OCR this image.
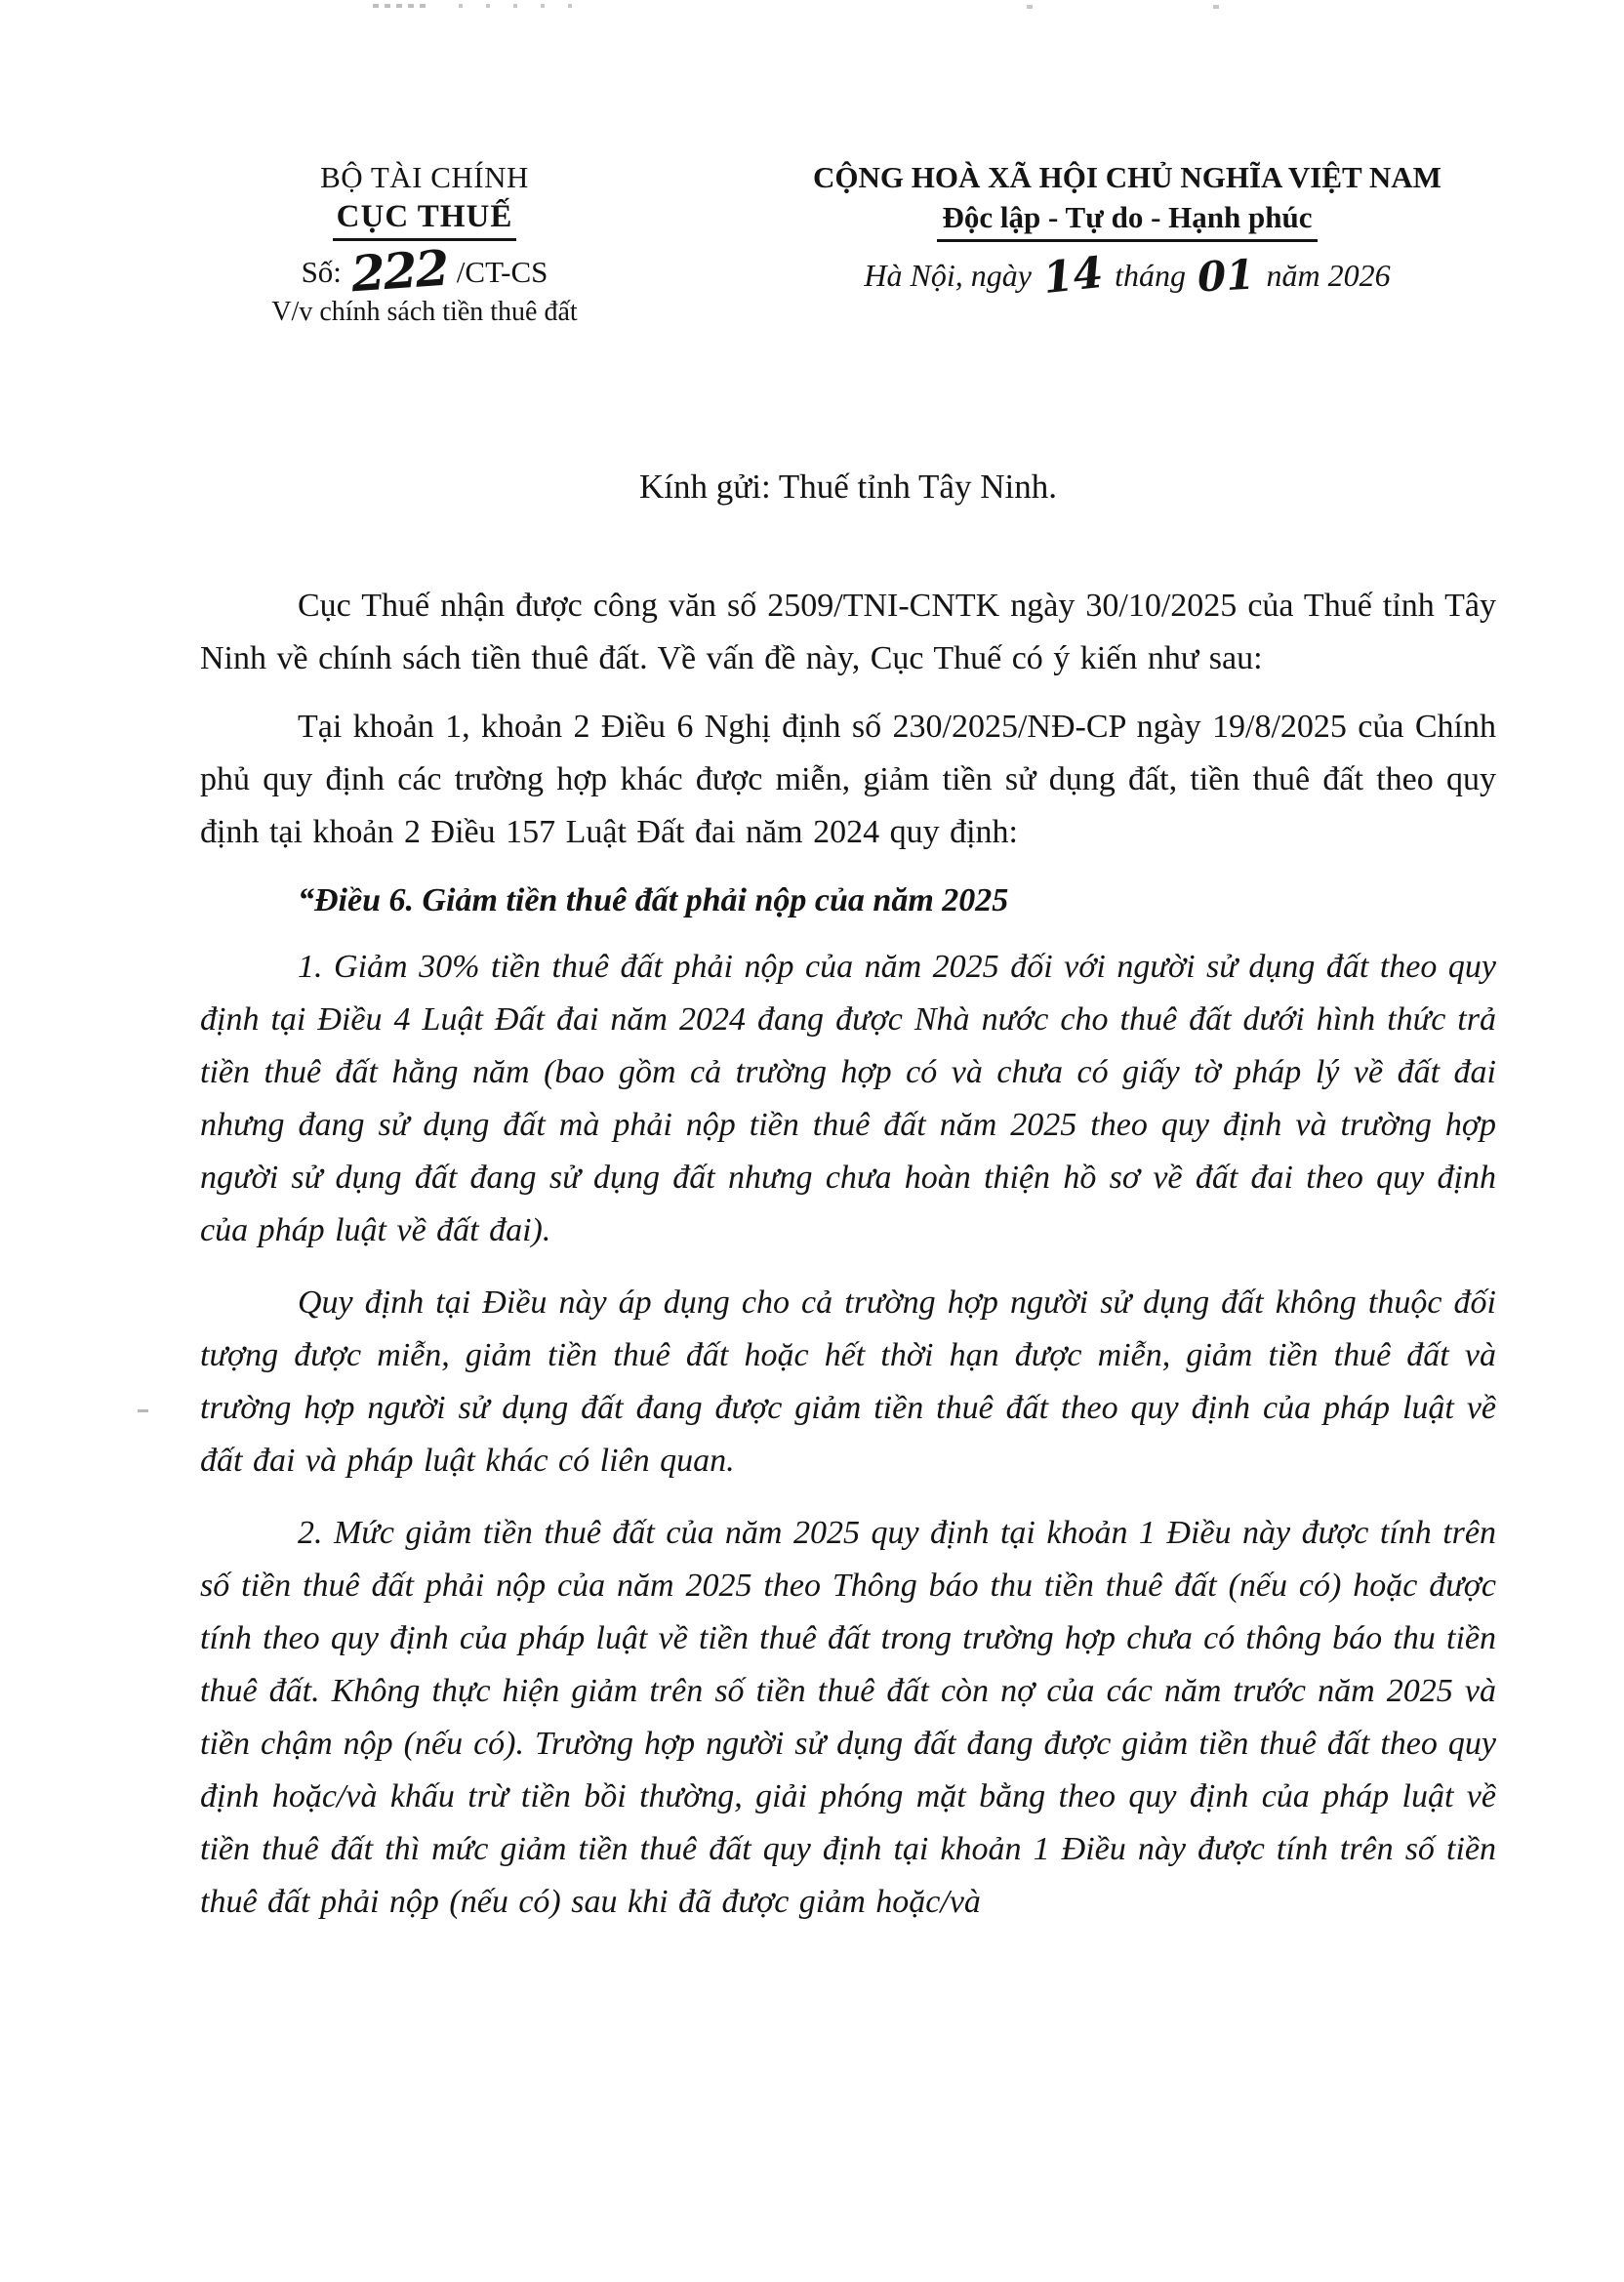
BỘ TÀI CHÍNH
CỤC THUẾ
Số: 222 /CT-CS
V/v chính sách tiền thuê đất
CỘNG HOÀ XÃ HỘI CHỦ NGHĨA VIỆT NAM
Độc lập - Tự do - Hạnh phúc
Hà Nội, ngày 14 tháng 01 năm 2026
Kính gửi: Thuế tỉnh Tây Ninh.

Cục Thuế nhận được công văn số 2509/TNI-CNTK ngày 30/10/2025 của Thuế tỉnh Tây Ninh về chính sách tiền thuê đất. Về vấn đề này, Cục Thuế có ý kiến như sau:

Tại khoản 1, khoản 2 Điều 6 Nghị định số 230/2025/NĐ-CP ngày 19/8/2025 của Chính phủ quy định các trường hợp khác được miễn, giảm tiền sử dụng đất, tiền thuê đất theo quy định tại khoản 2 Điều 157 Luật Đất đai năm 2024 quy định:

“Điều 6. Giảm tiền thuê đất phải nộp của năm 2025

1. Giảm 30% tiền thuê đất phải nộp của năm 2025 đối với người sử dụng đất theo quy định tại Điều 4 Luật Đất đai năm 2024 đang được Nhà nước cho thuê đất dưới hình thức trả tiền thuê đất hằng năm (bao gồm cả trường hợp có và chưa có giấy tờ pháp lý về đất đai nhưng đang sử dụng đất mà phải nộp tiền thuê đất năm 2025 theo quy định và trường hợp người sử dụng đất đang sử dụng đất nhưng chưa hoàn thiện hồ sơ về đất đai theo quy định của pháp luật về đất đai).

Quy định tại Điều này áp dụng cho cả trường hợp người sử dụng đất không thuộc đối tượng được miễn, giảm tiền thuê đất hoặc hết thời hạn được miễn, giảm tiền thuê đất và trường hợp người sử dụng đất đang được giảm tiền thuê đất theo quy định của pháp luật về đất đai và pháp luật khác có liên quan.

2. Mức giảm tiền thuê đất của năm 2025 quy định tại khoản 1 Điều này được tính trên số tiền thuê đất phải nộp của năm 2025 theo Thông báo thu tiền thuê đất (nếu có) hoặc được tính theo quy định của pháp luật về tiền thuê đất trong trường hợp chưa có thông báo thu tiền thuê đất. Không thực hiện giảm trên số tiền thuê đất còn nợ của các năm trước năm 2025 và tiền chậm nộp (nếu có). Trường hợp người sử dụng đất đang được giảm tiền thuê đất theo quy định hoặc/và khấu trừ tiền bồi thường, giải phóng mặt bằng theo quy định của pháp luật về tiền thuê đất thì mức giảm tiền thuê đất quy định tại khoản 1 Điều này được tính trên số tiền thuê đất phải nộp (nếu có) sau khi đã được giảm hoặc/và
